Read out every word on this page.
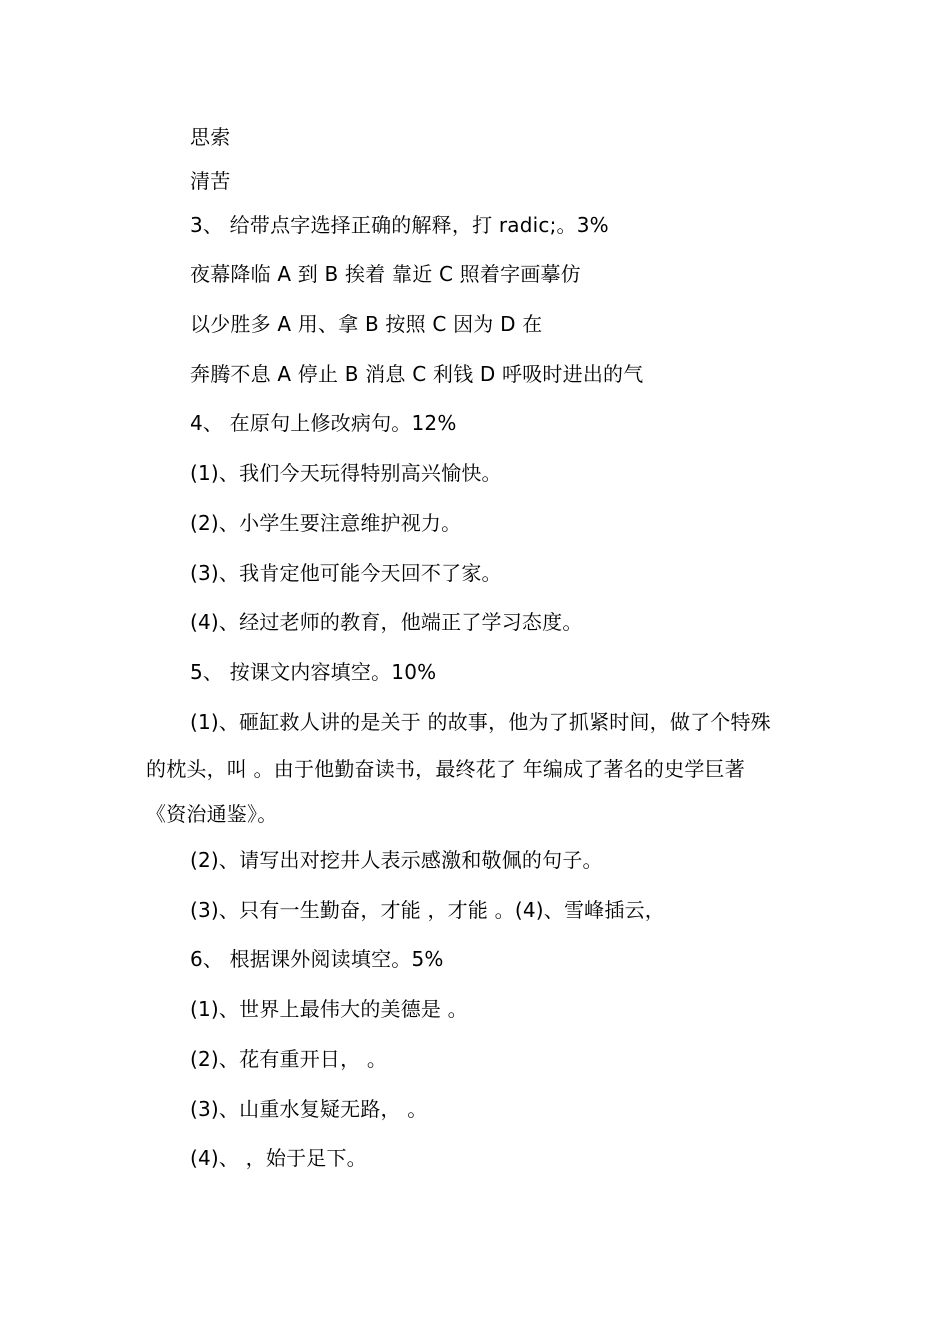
思索
清苦
3、 给带点字选择正确的解释，打 radic;。3%
夜幕降临 A 到 B 挨着 靠近 C 照着字画摹仿
以少胜多 A 用、拿 B 按照 C 因为 D 在
奔腾不息 A 停止 B 消息 C 利钱 D 呼吸时进出的气
4、 在原句上修改病句。12%
(1)、我们今天玩得特别高兴愉快。
(2)、小学生要注意维护视力。
(3)、我肯定他可能今天回不了家。
(4)、经过老师的教育，他端正了学习态度。
5、 按课文内容填空。10%
(1)、砸缸救人讲的是关于 的故事，他为了抓紧时间，做了个特殊
的枕头，叫 。由于他勤奋读书，最终花了 年编成了著名的史学巨著
《资治通鉴》。
(2)、请写出对挖井人表示感激和敬佩的句子。
(3)、只有一生勤奋，才能 ，才能 。(4)、雪峰插云，
6、 根据课外阅读填空。5%
(1)、世界上最伟大的美德是 。
(2)、花有重开日， 。
(3)、山重水复疑无路， 。
(4)、 ，始于足下。
